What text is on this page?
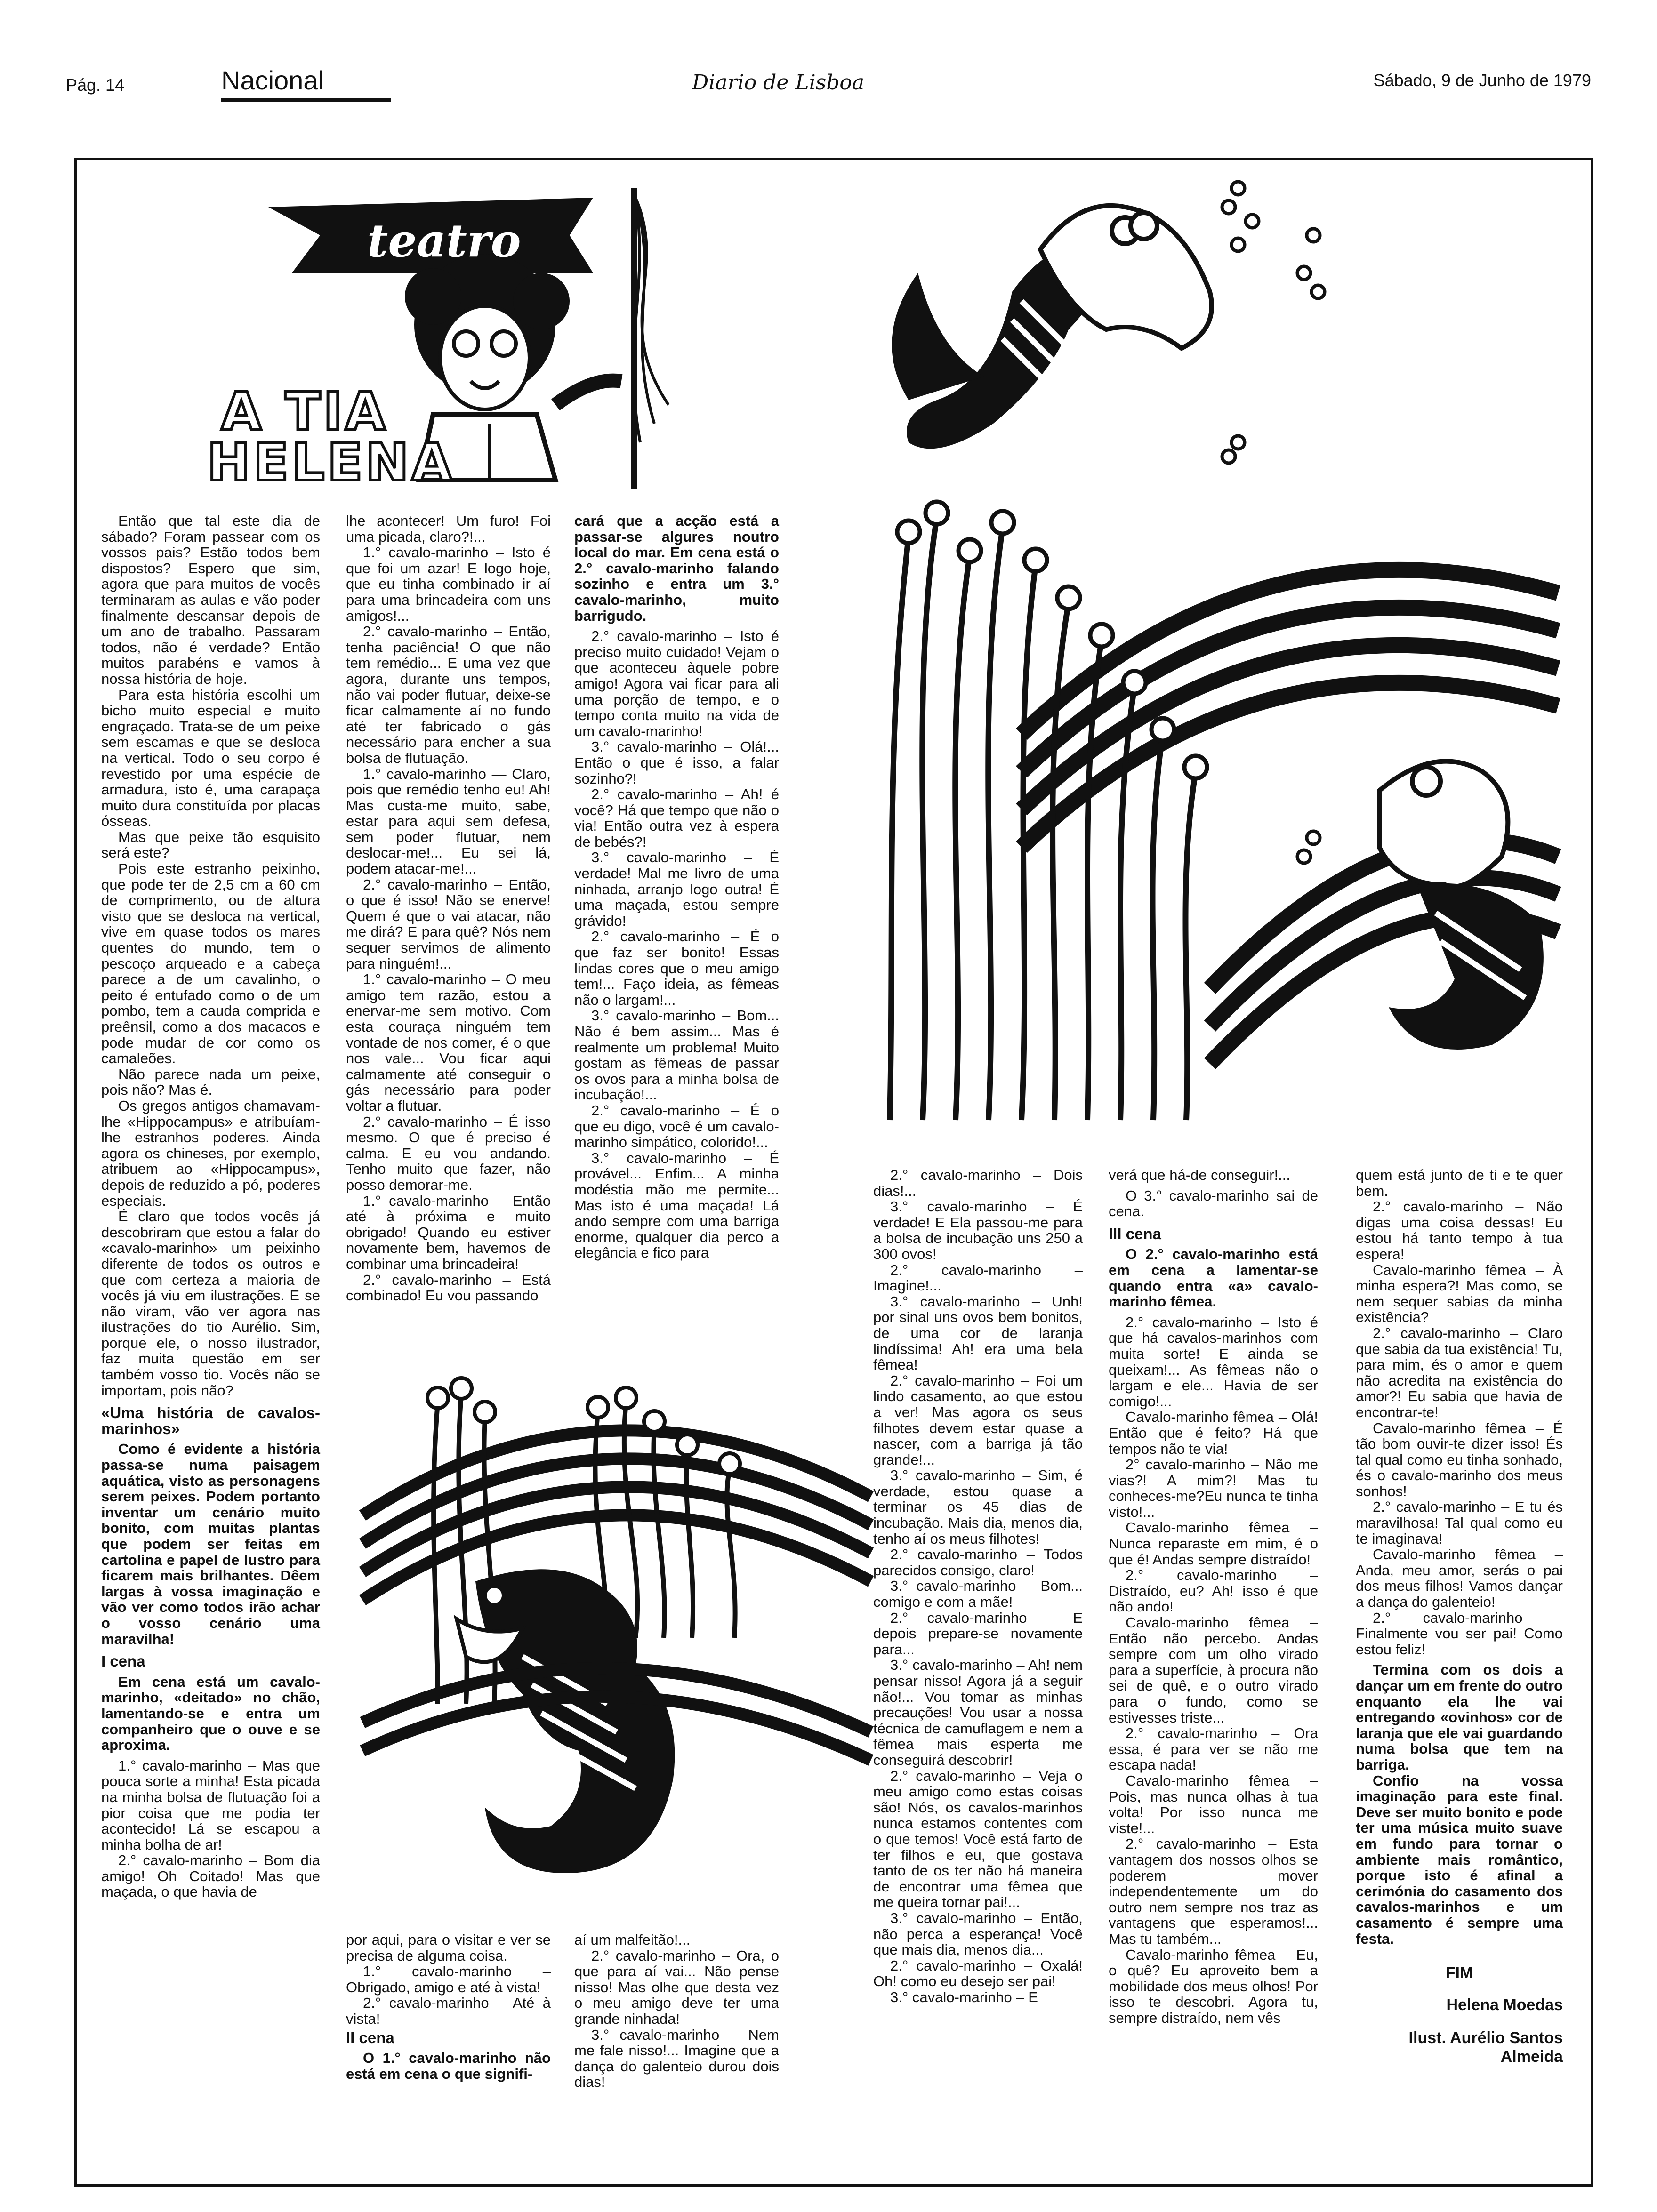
Pág. 14	Nacional	Diario de Lisboa	Sábado, 9 de Junho de 1979
teatro
A TIA
HELENA

Então que tal este dia de sábado? Foram passear com os vossos pais? Estão todos bem dispostos? Espero que sim, agora que para muitos de vocês terminaram as aulas e vão poder finalmente descansar depois de um ano de trabalho. Passaram todos, não é verdade? Então muitos parabéns e vamos à nossa história de hoje.

Para esta história escolhi um bicho muito especial e muito engraçado. Trata-se de um peixe sem escamas e que se desloca na vertical. Todo o seu corpo é revestido por uma espécie de armadura, isto é, uma carapaça muito dura constituída por placas ósseas.

Mas que peixe tão esquisito será este?

Pois este estranho peixinho, que pode ter de 2,5 cm a 60 cm de comprimento, ou de altura visto que se desloca na vertical, vive em quase todos os mares quentes do mundo, tem o pescoço arqueado e a cabeça parece a de um cavalinho, o peito é entufado como o de um pombo, tem a cauda comprida e preênsil, como a dos macacos e pode mudar de cor como os camaleões.

Não parece nada um peixe, pois não? Mas é.

Os gregos antigos chamavam-lhe «Hippocampus» e atribuíam-lhe estranhos poderes. Ainda agora os chineses, por exemplo, atribuem ao «Hippocampus», depois de reduzido a pó, poderes especiais.

É claro que todos vocês já descobriram que estou a falar do «cavalo-marinho» um peixinho diferente de todos os outros e que com certeza a maioria de vocês já viu em ilustrações. E se não viram, vão ver agora nas ilustrações do tio Aurélio. Sim, porque ele, o nosso ilustrador, faz muita questão em ser também vosso tio. Vocês não se importam, pois não?

«Uma história de cavalos-marinhos»

Como é evidente a história passa-se numa paisagem aquática, visto as personagens serem peixes. Podem portanto inventar um cenário muito bonito, com muitas plantas que podem ser feitas em cartolina e papel de lustro para ficarem mais brilhantes. Dêem largas à vossa imaginação e vão ver como todos irão achar o vosso cenário uma maravilha!

I cena

Em cena está um cavalo-marinho, «deitado» no chão, lamentando-se e entra um companheiro que o ouve e se aproxima.

1.° cavalo-marinho – Mas que pouca sorte a minha! Esta picada na minha bolsa de flutuação foi a pior coisa que me podia ter acontecido! Lá se escapou a minha bolha de ar!

2.° cavalo-marinho – Bom dia amigo! Oh Coitado! Mas que maçada, o que havia de

lhe acontecer! Um furo! Foi uma picada, claro?!...

1.° cavalo-marinho – Isto é que foi um azar! E logo hoje, que eu tinha combinado ir aí para uma brincadeira com uns amigos!...

2.° cavalo-marinho – Então, tenha paciência! O que não tem remédio... E uma vez que agora, durante uns tempos, não vai poder flutuar, deixe-se ficar calmamente aí no fundo até ter fabricado o gás necessário para encher a sua bolsa de flutuação.

1.° cavalo-marinho — Claro, pois que remédio tenho eu! Ah! Mas custa-me muito, sabe, estar para aqui sem defesa, sem poder flutuar, nem deslocar-me!... Eu sei lá, podem atacar-me!...

2.° cavalo-marinho – Então, o que é isso! Não se enerve! Quem é que o vai atacar, não me dirá? E para quê? Nós nem sequer servimos de alimento para ninguém!...

1.° cavalo-marinho – O meu amigo tem razão, estou a enervar-me sem motivo. Com esta couraça ninguém tem vontade de nos comer, é o que nos vale... Vou ficar aqui calmamente até conseguir o gás necessário para poder voltar a flutuar.

2.° cavalo-marinho – É isso mesmo. O que é preciso é calma. E eu vou andando. Tenho muito que fazer, não posso demorar-me.

1.° cavalo-marinho – Então até à próxima e muito obrigado! Quando eu estiver novamente bem, havemos de combinar uma brincadeira!

2.° cavalo-marinho – Está combinado! Eu vou passando

cará que a acção está a passar-se algures noutro local do mar. Em cena está o 2.° cavalo-marinho falando sozinho e entra um 3.° cavalo-marinho, muito barrigudo.

2.° cavalo-marinho – Isto é preciso muito cuidado! Vejam o que aconteceu àquele pobre amigo! Agora vai ficar para ali uma porção de tempo, e o tempo conta muito na vida de um cavalo-marinho!

3.° cavalo-marinho – Olá!... Então o que é isso, a falar sozinho?!

2.° cavalo-marinho – Ah! é você? Há que tempo que não o via! Então outra vez à espera de bebés?!

3.° cavalo-marinho – É verdade! Mal me livro de uma ninhada, arranjo logo outra! É uma maçada, estou sempre grávido!

2.° cavalo-marinho – É o que faz ser bonito! Essas lindas cores que o meu amigo tem!... Faço ideia, as fêmeas não o largam!...

3.° cavalo-marinho – Bom... Não é bem assim... Mas é realmente um problema! Muito gostam as fêmeas de passar os ovos para a minha bolsa de incubação!...

2.° cavalo-marinho – É o que eu digo, você é um cavalo-marinho simpático, colorido!...

3.° cavalo-marinho – É provável... Enfim... A minha modéstia mão me permite... Mas isto é uma maçada! Lá ando sempre com uma barriga enorme, qualquer dia perco a elegância e fico para

por aqui, para o visitar e ver se precisa de alguma coisa.

1.° cavalo-marinho – Obrigado, amigo e até à vista!

2.° cavalo-marinho – Até à vista!

II cena

O 1.° cavalo-marinho não está em cena o que signifi-

aí um malfeitão!...

2.° cavalo-marinho – Ora, o que para aí vai... Não pense nisso! Mas olhe que desta vez o meu amigo deve ter uma grande ninhada!

3.° cavalo-marinho – Nem me fale nisso!... Imagine que a dança do galenteio durou dois dias!

2.° cavalo-marinho – Dois dias!...

3.° cavalo-marinho – É verdade! E Ela passou-me para a bolsa de incubação uns 250 a 300 ovos!

2.° cavalo-marinho – Imagine!...

3.° cavalo-marinho – Unh! por sinal uns ovos bem bonitos, de uma cor de laranja lindíssima! Ah! era uma bela fêmea!

2.° cavalo-marinho – Foi um lindo casamento, ao que estou a ver! Mas agora os seus filhotes devem estar quase a nascer, com a barriga já tão grande!...

3.° cavalo-marinho – Sim, é verdade, estou quase a terminar os 45 dias de incubação. Mais dia, menos dia, tenho aí os meus filhotes!

2.° cavalo-marinho – Todos parecidos consigo, claro!

3.° cavalo-marinho – Bom... comigo e com a mãe!

2.° cavalo-marinho – E depois prepare-se novamente para...

3.° cavalo-marinho – Ah! nem pensar nisso! Agora já a seguir não!... Vou tomar as minhas precauções! Vou usar a nossa técnica de camuflagem e nem a fêmea mais esperta me conseguirá descobrir!

2.° cavalo-marinho – Veja o meu amigo como estas coisas são! Nós, os cavalos-marinhos nunca estamos contentes com o que temos! Você está farto de ter filhos e eu, que gostava tanto de os ter não há maneira de encontrar uma fêmea que me queira tornar pai!...

3.° cavalo-marinho – Então, não perca a esperança! Você que mais dia, menos dia...

2.° cavalo-marinho – Oxalá! Oh! como eu desejo ser pai!

3.° cavalo-marinho – E

verá que há-de conseguir!...

O 3.° cavalo-marinho sai de cena.

III cena

O 2.° cavalo-marinho está em cena a lamentar-se quando entra «a» cavalo-marinho fêmea.

2.° cavalo-marinho – Isto é que há cavalos-marinhos com muita sorte! E ainda se queixam!... As fêmeas não o largam e ele... Havia de ser comigo!...

Cavalo-marinho fêmea – Olá! Então que é feito? Há que tempos não te via!

2° cavalo-marinho – Não me vias?! A mim?! Mas tu conheces-me?Eu nunca te tinha visto!...

Cavalo-marinho fêmea – Nunca reparaste em mim, é o que é! Andas sempre distraído!

2.° cavalo-marinho – Distraído, eu? Ah! isso é que não ando!

Cavalo-marinho fêmea – Então não percebo. Andas sempre com um olho virado para a superfície, à procura não sei de quê, e o outro virado para o fundo, como se estivesses triste...

2.° cavalo-marinho – Ora essa, é para ver se não me escapa nada!

Cavalo-marinho fêmea – Pois, mas nunca olhas à tua volta! Por isso nunca me viste!...

2.° cavalo-marinho – Esta vantagem dos nossos olhos se poderem mover independentemente um do outro nem sempre nos traz as vantagens que esperamos!... Mas tu também...

Cavalo-marinho fêmea – Eu, o quê? Eu aproveito bem a mobilidade dos meus olhos! Por isso te descobri. Agora tu, sempre distraído, nem vês

quem está junto de ti e te quer bem.

2.° cavalo-marinho – Não digas uma coisa dessas! Eu estou há tanto tempo à tua espera!

Cavalo-marinho fêmea – À minha espera?! Mas como, se nem sequer sabias da minha existência?

2.° cavalo-marinho – Claro que sabia da tua existência! Tu, para mim, és o amor e quem não acredita na existência do amor?! Eu sabia que havia de encontrar-te!

Cavalo-marinho fêmea – É tão bom ouvir-te dizer isso! És tal qual como eu tinha sonhado, és o cavalo-marinho dos meus sonhos!

2.° cavalo-marinho – E tu és maravilhosa! Tal qual como eu te imaginava!

Cavalo-marinho fêmea – Anda, meu amor, serás o pai dos meus filhos! Vamos dançar a dança do galenteio!

2.° cavalo-marinho – Finalmente vou ser pai! Como estou feliz!

Termina com os dois a dançar um em frente do outro enquanto ela lhe vai entregando «ovinhos» cor de laranja que ele vai guardando numa bolsa que tem na barriga.

Confio na vossa imaginação para este final. Deve ser muito bonito e pode ter uma música muito suave em fundo para tornar o ambiente mais romântico, porque isto é afinal a cerimónia do casamento dos cavalos-marinhos e um casamento é sempre uma festa.

FIM

Helena Moedas

Ilust. Aurélio Santos Almeida
